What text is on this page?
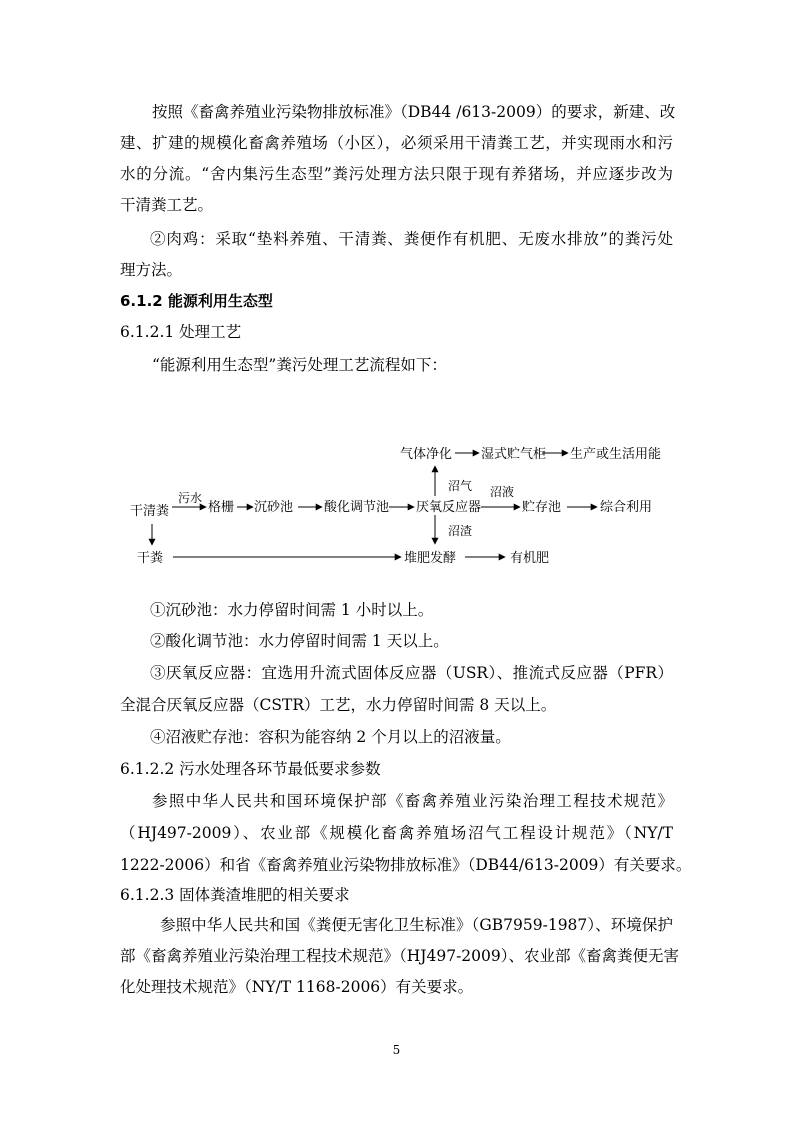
按照《畜禽养殖业污染物排放标准》（DB44 /613-2009）的要求，新建、改
建、扩建的规模化畜禽养殖场（小区），必须采用干清粪工艺，并实现雨水和污
水的分流。“舍内集污生态型”粪污处理方法只限于现有养猪场，并应逐步改为
干清粪工艺。
②肉鸡：采取“垫料养殖、干清粪、粪便作有机肥、无废水排放”的粪污处
理方法。
6.1.2 能源利用生态型
6.1.2.1 处理工艺
“能源利用生态型”粪污处理工艺流程如下：
干清粪	格栅 沉砂池 酸化调节池 厌氧反应器	贮存池	综合利用
气体净化 湿式贮气柜 生产或生活用能
干粪	堆肥发酵	有机肥
污水
沼气 沼液
沼渣
①沉砂池：水力停留时间需 1 小时以上。
②酸化调节池：水力停留时间需 1 天以上。
③厌氧反应器：宜选用升流式固体反应器（USR）、推流式反应器（PFR）
全混合厌氧反应器（CSTR）工艺，水力停留时间需 8 天以上。
④沼液贮存池：容积为能容纳 2 个月以上的沼液量。
6.1.2.2 污水处理各环节最低要求参数
参照中华人民共和国环境保护部《畜禽养殖业污染治理工程技术规范》
（HJ497-2009）、农业部《规模化畜禽养殖场沼气工程设计规范》（NY/T
1222-2006）和省《畜禽养殖业污染物排放标准》（DB44/613-2009）有关要求。
6.1.2.3 固体粪渣堆肥的相关要求
参照中华人民共和国《粪便无害化卫生标准》（GB7959-1987）、环境保护
部《畜禽养殖业污染治理工程技术规范》（HJ497-2009）、农业部《畜禽粪便无害
化处理技术规范》（NY/T 1168-2006）有关要求。
5
